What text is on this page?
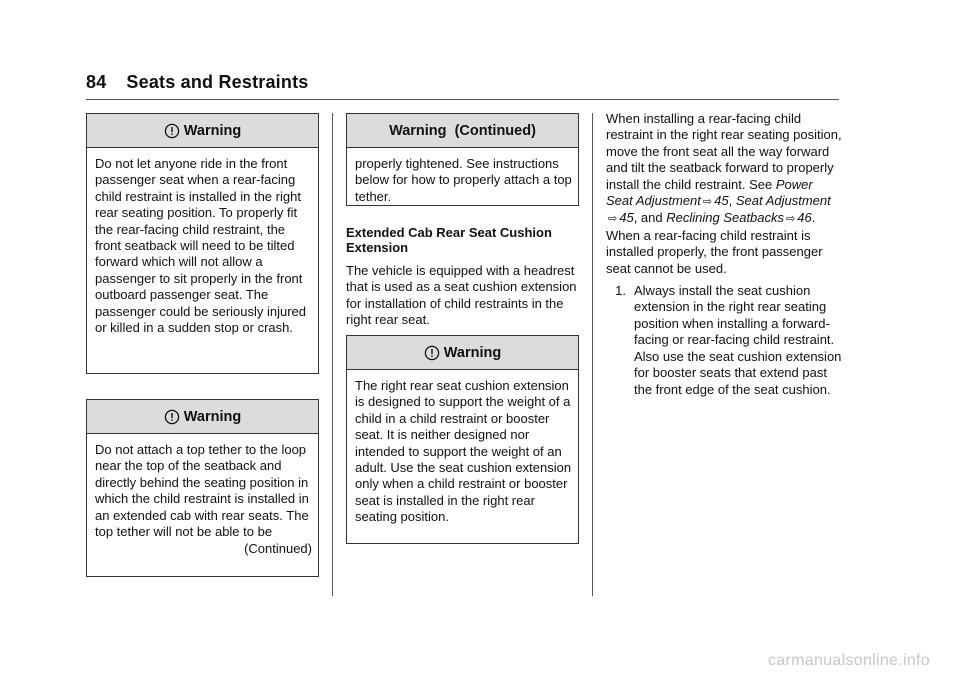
84 Seats and Restraints
Warning
Do not let anyone ride in the front passenger seat when a rear-facing child restraint is installed in the right rear seating position. To properly fit the rear-facing child restraint, the front seatback will need to be tilted forward which will not allow a passenger to sit properly in the front outboard passenger seat. The passenger could be seriously injured or killed in a sudden stop or crash.
Warning
Do not attach a top tether to the loop near the top of the seatback and directly behind the seating position in which the child restraint is installed in an extended cab with rear seats. The top tether will not be able to be
(Continued)
Warning  (Continued)
properly tightened. See instructions below for how to properly attach a top tether.
Extended Cab Rear Seat Cushion Extension
The vehicle is equipped with a headrest that is used as a seat cushion extension for installation of child restraints in the right rear seat.
Warning
The right rear seat cushion extension is designed to support the weight of a child in a child restraint or booster seat. It is neither designed nor intended to support the weight of an adult. Use the seat cushion extension only when a child restraint or booster seat is installed in the right rear seating position.
When installing a rear-facing child restraint in the right rear seating position, move the front seat all the way forward and tilt the seatback forward to properly install the child restraint. See Power Seat Adjustment ⇨ 45, Seat Adjustment
⇨ 45, and Reclining Seatbacks ⇨ 46. When a rear-facing child restraint is installed properly, the front passenger seat cannot be used.
1. Always install the seat cushion extension in the right rear seating position when installing a forward-facing or rear-facing child restraint. Also use the seat cushion extension for booster seats that extend past the front edge of the seat cushion.
carmanualsonline.info
